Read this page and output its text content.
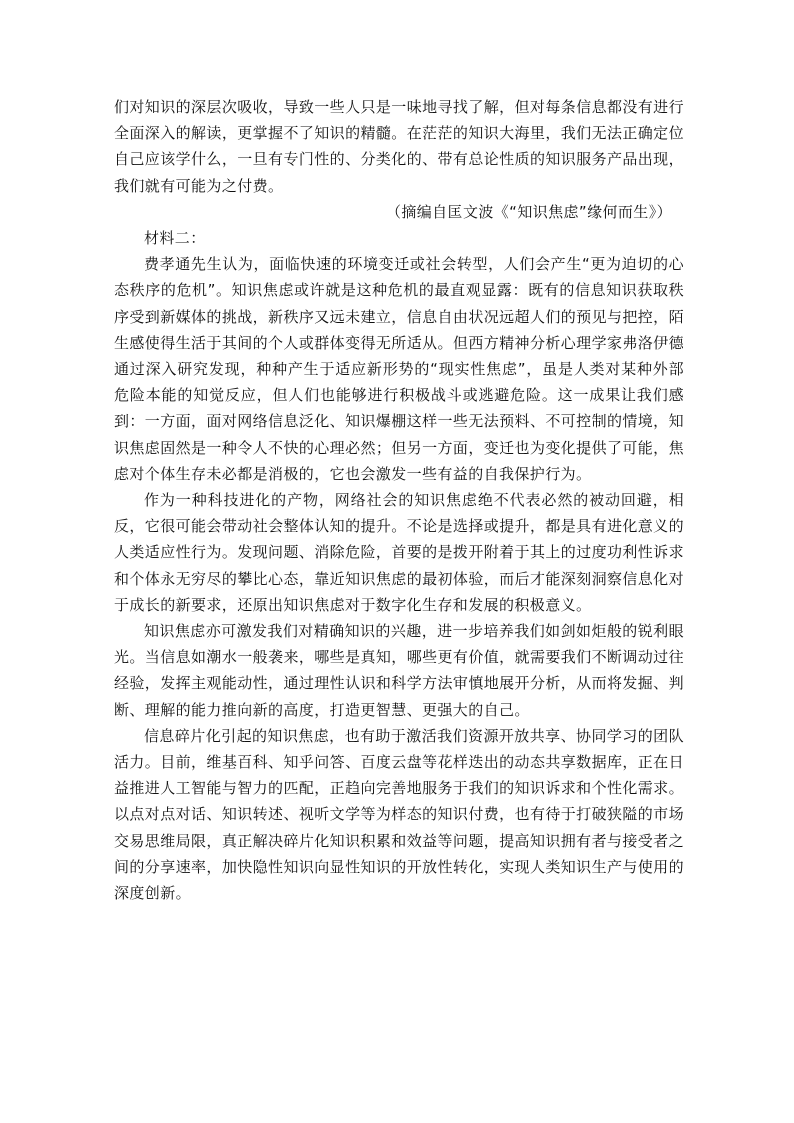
们对知识的深层次吸收，导致一些人只是一味地寻找了解，但对每条信息都没有进行全面深入的解读，更掌握不了知识的精髓。在茫茫的知识大海里，我们无法正确定位自己应该学什么，一旦有专门性的、分类化的、带有总论性质的知识服务产品出现，我们就有可能为之付费。

（摘编自匡文波《“知识焦虑”缘何而生》）

材料二：

费孝通先生认为，面临快速的环境变迁或社会转型，人们会产生“更为迫切的心态秩序的危机”。知识焦虑或许就是这种危机的最直观显露：既有的信息知识获取秩序受到新媒体的挑战，新秩序又远未建立，信息自由状况远超人们的预见与把控，陌生感使得生活于其间的个人或群体变得无所适从。但西方精神分析心理学家弗洛伊德通过深入研究发现，种种产生于适应新形势的“现实性焦虑”，虽是人类对某种外部危险本能的知觉反应，但人们也能够进行积极战斗或逃避危险。这一成果让我们感到：一方面，面对网络信息泛化、知识爆棚这样一些无法预料、不可控制的情境，知识焦虑固然是一种令人不快的心理必然；但另一方面，变迁也为变化提供了可能，焦虑对个体生存未必都是消极的，它也会激发一些有益的自我保护行为。

作为一种科技进化的产物，网络社会的知识焦虑绝不代表必然的被动回避，相反，它很可能会带动社会整体认知的提升。不论是选择或提升，都是具有进化意义的人类适应性行为。发现问题、消除危险，首要的是拨开附着于其上的过度功利性诉求和个体永无穷尽的攀比心态，靠近知识焦虑的最初体验，而后才能深刻洞察信息化对于成长的新要求，还原出知识焦虑对于数字化生存和发展的积极意义。

知识焦虑亦可激发我们对精确知识的兴趣，进一步培养我们如剑如炬般的锐利眼光。当信息如潮水一般袭来，哪些是真知，哪些更有价值，就需要我们不断调动过往经验，发挥主观能动性，通过理性认识和科学方法审慎地展开分析，从而将发掘、判断、理解的能力推向新的高度，打造更智慧、更强大的自己。

信息碎片化引起的知识焦虑，也有助于激活我们资源开放共享、协同学习的团队活力。目前，维基百科、知乎问答、百度云盘等花样迭出的动态共享数据库，正在日益推进人工智能与智力的匹配，正趋向完善地服务于我们的知识诉求和个性化需求。以点对点对话、知识转述、视听文学等为样态的知识付费，也有待于打破狭隘的市场交易思维局限，真正解决碎片化知识积累和效益等问题，提高知识拥有者与接受者之间的分享速率，加快隐性知识向显性知识的开放性转化，实现人类知识生产与使用的深度创新。
